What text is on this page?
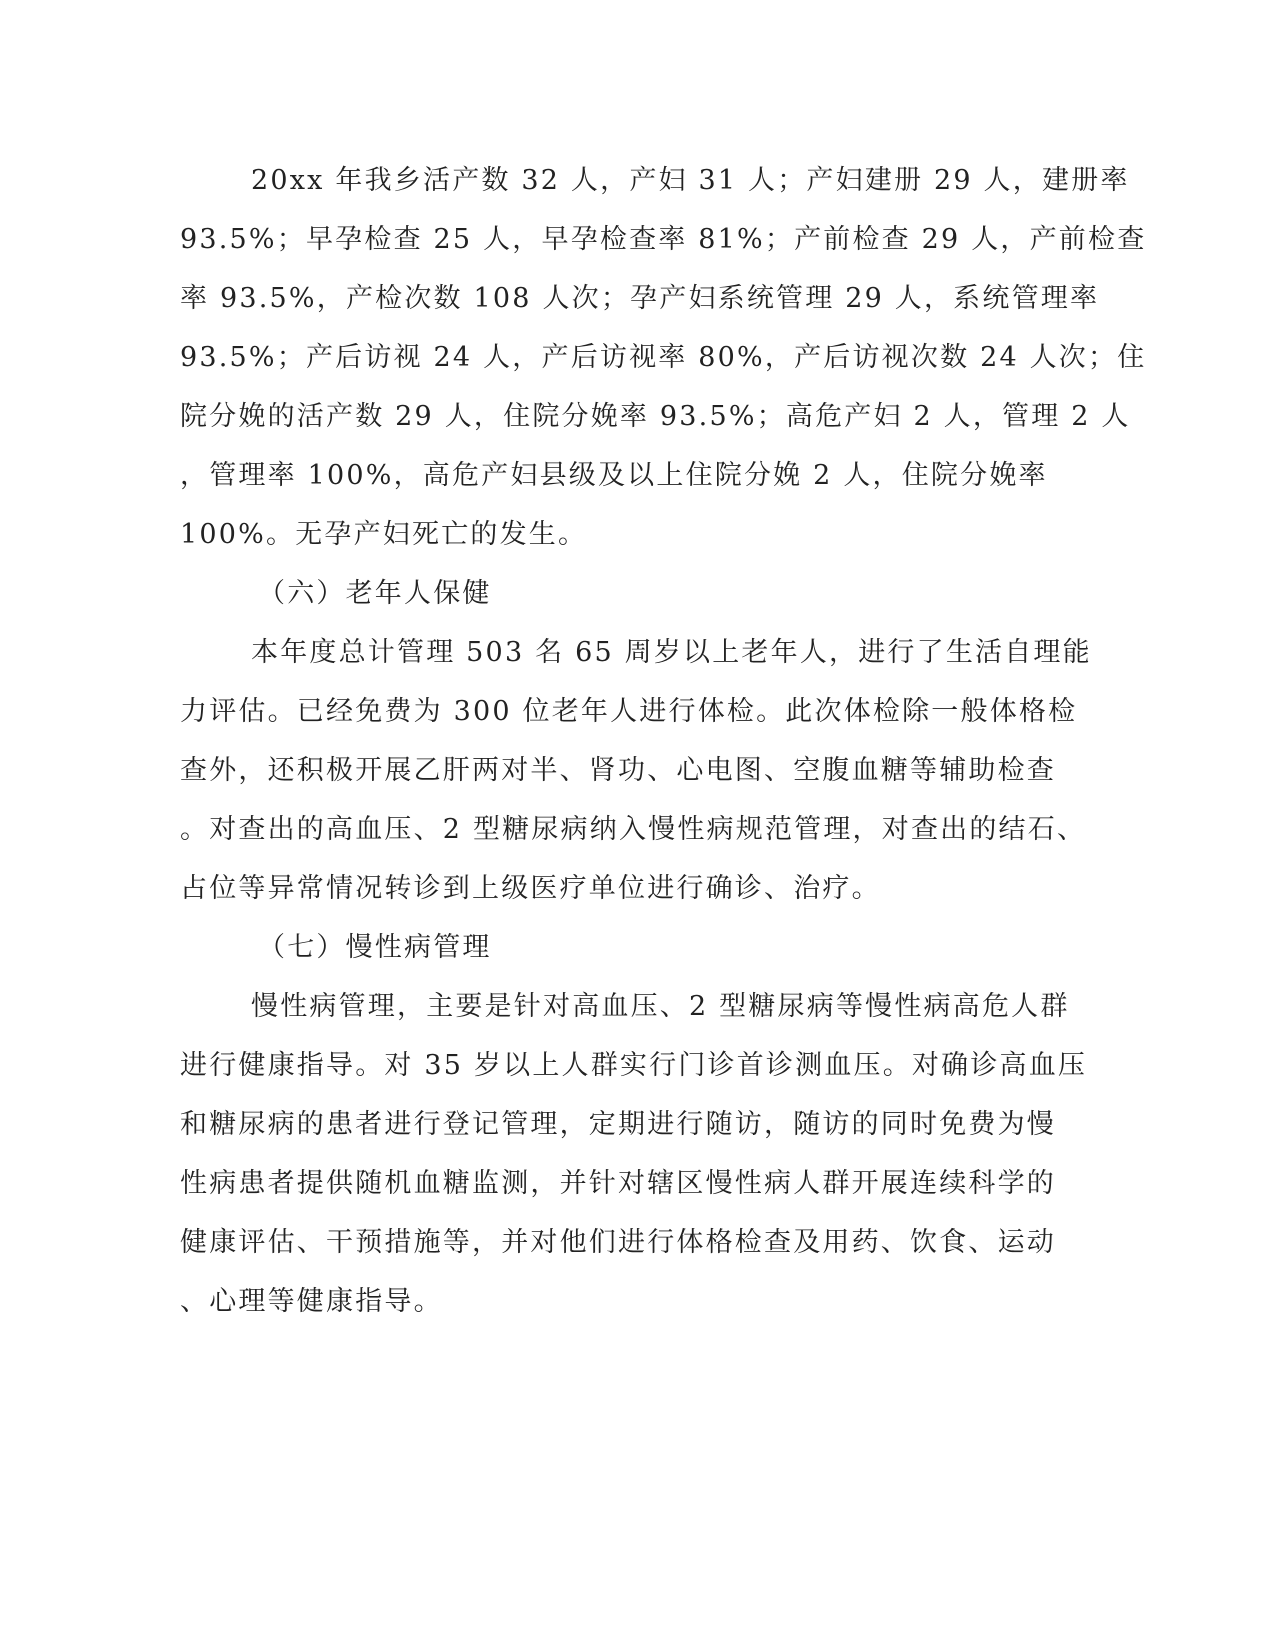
20xx 年我乡活产数 32 人，产妇 31 人；产妇建册 29 人，建册率
93.5%；早孕检查 25 人，早孕检查率 81%；产前检查 29 人，产前检查
率 93.5%，产检次数 108 人次；孕产妇系统管理 29 人，系统管理率
93.5%；产后访视 24 人，产后访视率 80%，产后访视次数 24 人次；住
院分娩的活产数 29 人，住院分娩率 93.5%；高危产妇 2 人，管理 2 人
，管理率 100%，高危产妇县级及以上住院分娩 2 人，住院分娩率
100%。无孕产妇死亡的发生。
（六）老年人保健
本年度总计管理 503 名 65 周岁以上老年人，进行了生活自理能
力评估。已经免费为 300 位老年人进行体检。此次体检除一般体格检
查外，还积极开展乙肝两对半、肾功、心电图、空腹血糖等辅助检查
。对查出的高血压、2 型糖尿病纳入慢性病规范管理，对查出的结石、
占位等异常情况转诊到上级医疗单位进行确诊、治疗。
（七）慢性病管理
慢性病管理，主要是针对高血压、2 型糖尿病等慢性病高危人群
进行健康指导。对 35 岁以上人群实行门诊首诊测血压。对确诊高血压
和糖尿病的患者进行登记管理，定期进行随访，随访的同时免费为慢
性病患者提供随机血糖监测，并针对辖区慢性病人群开展连续科学的
健康评估、干预措施等，并对他们进行体格检查及用药、饮食、运动
、心理等健康指导。
